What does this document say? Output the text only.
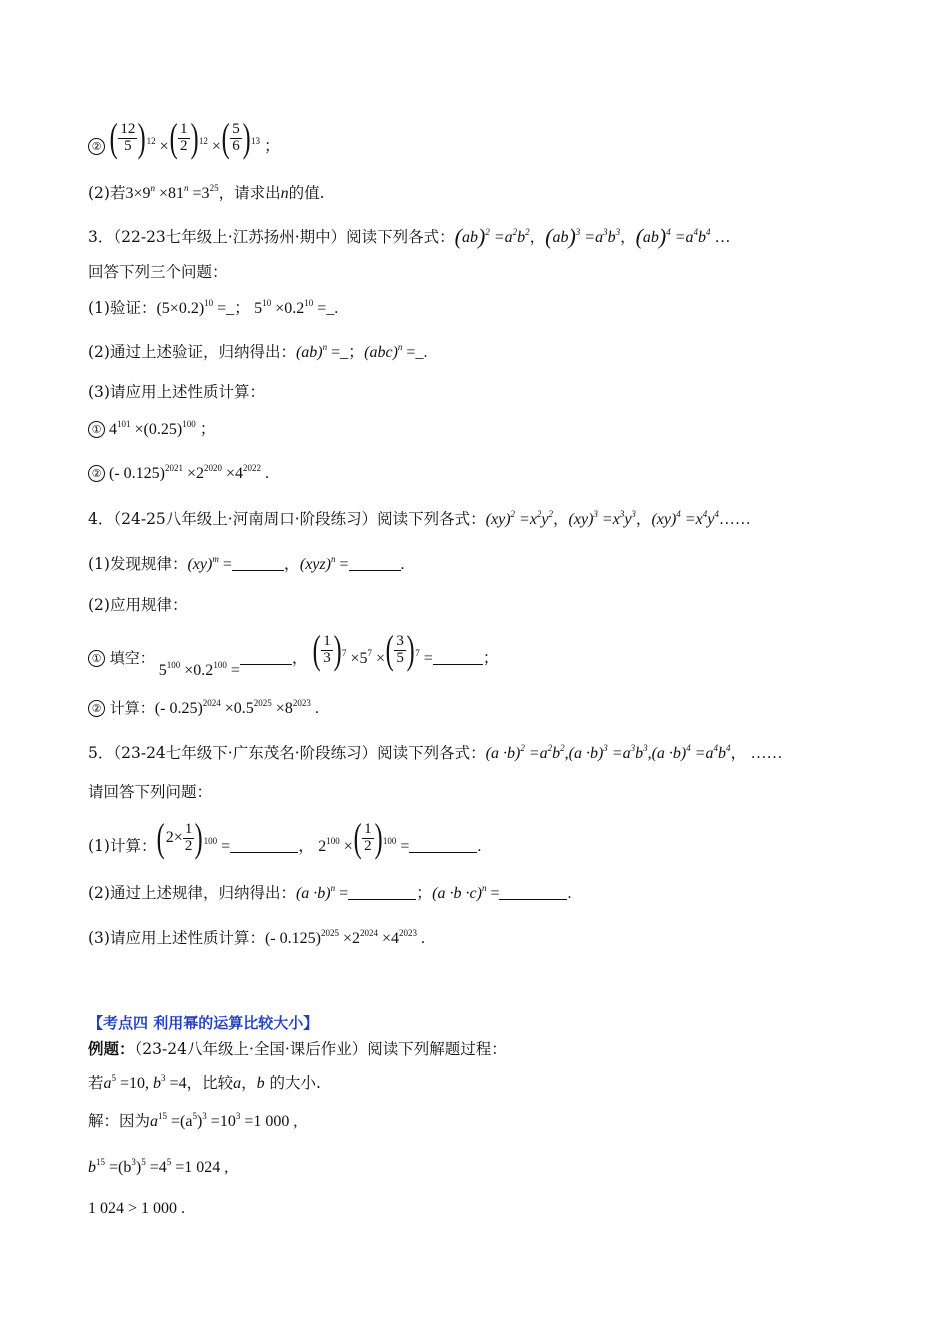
② ( $\frac{12}{5}$ ) $^{12}$ × ( $\frac{1}{2}$ ) $^{12}$ × ( $\frac{5}{6}$ ) $^{13}$ ；
(2)若$3\times 9^n \times 81^n =3^{25}$，请求出n的值.
3．（22-23七年级上·江苏扬州·期中）阅读下列各式：$(ab)^2 =a^2b^2$，$(ab)^3 =a^3b^3$，$(ab)^4 =a^4b^4$ …
回答下列三个问题：
(1)验证：$(5\times 0.2)^{10}$ =_； $5^{10} \times 0.2^{10}$ =_.
(2)通过上述验证，归纳得出：(ab)$^n$ =_；(abc)$^n$ =_.
(3)请应用上述性质计算：
① $4^{101} \times(0.25)^{100}$ ；
② (- $0.125)^{2021} \times 2^{2020} \times 4^{2022}$ .
4．（24-25八年级上·河南周口·阶段练习）阅读下列各式：$(xy)^2 =x^2y^2$，$(xy)^3 =x^3y^3$，$(xy)^4 =x^4y^4\dots\dots$
(1)发现规律：(xy)$^m$ =	，(xyz)$^n$ =	.
(2)应用规律：
① 填空： $5^{100} \times 0.2^{100}$ =， ( $\frac{1}{3}$ ) $^7 \times 5^7$ × ( $\frac{3}{5}$ ) $^7$ =	；
② 计算：(- $0.25)^{2024} \times 0.5^{2025} \times 8^{2023}$ .
5．（23-24七年级下·广东茂名·阶段练习）阅读下列各式：$(a \cdot b)^2 =a^2b^2,(a \cdot b)^3 =a^3b^3,(a \cdot b)^4 =a^4b^4$， ……
请回答下列问题：
(1)计算： ( $2\times \frac{1}{2}$ ) $^{100}$ =	， $2^{100}$ × ( $\frac{1}{2}$ ) $^{100}$ =	.
(2)通过上述规律，归纳得出：$(a \cdot b)^n$ =	；$(a \cdot b \cdot c)^n$ =	.
(3)请应用上述性质计算：(- $0.125)^{2025} \times 2^{2024} \times 4^{2023}$ .
【考点四 利用幂的运算比较大小】
例题：（23-24八年级上·全国·课后作业）阅读下列解题过程：
若$a^5 =10$, $b^3 =4$，比较a，b 的大小.
解：因为$a^{15} =(a^5)^3 =10^3 =1$ 000 ,
$b^{15} =(b^3)^5 =4^5 =1$ 024 ,
1 024 > 1 000 .
